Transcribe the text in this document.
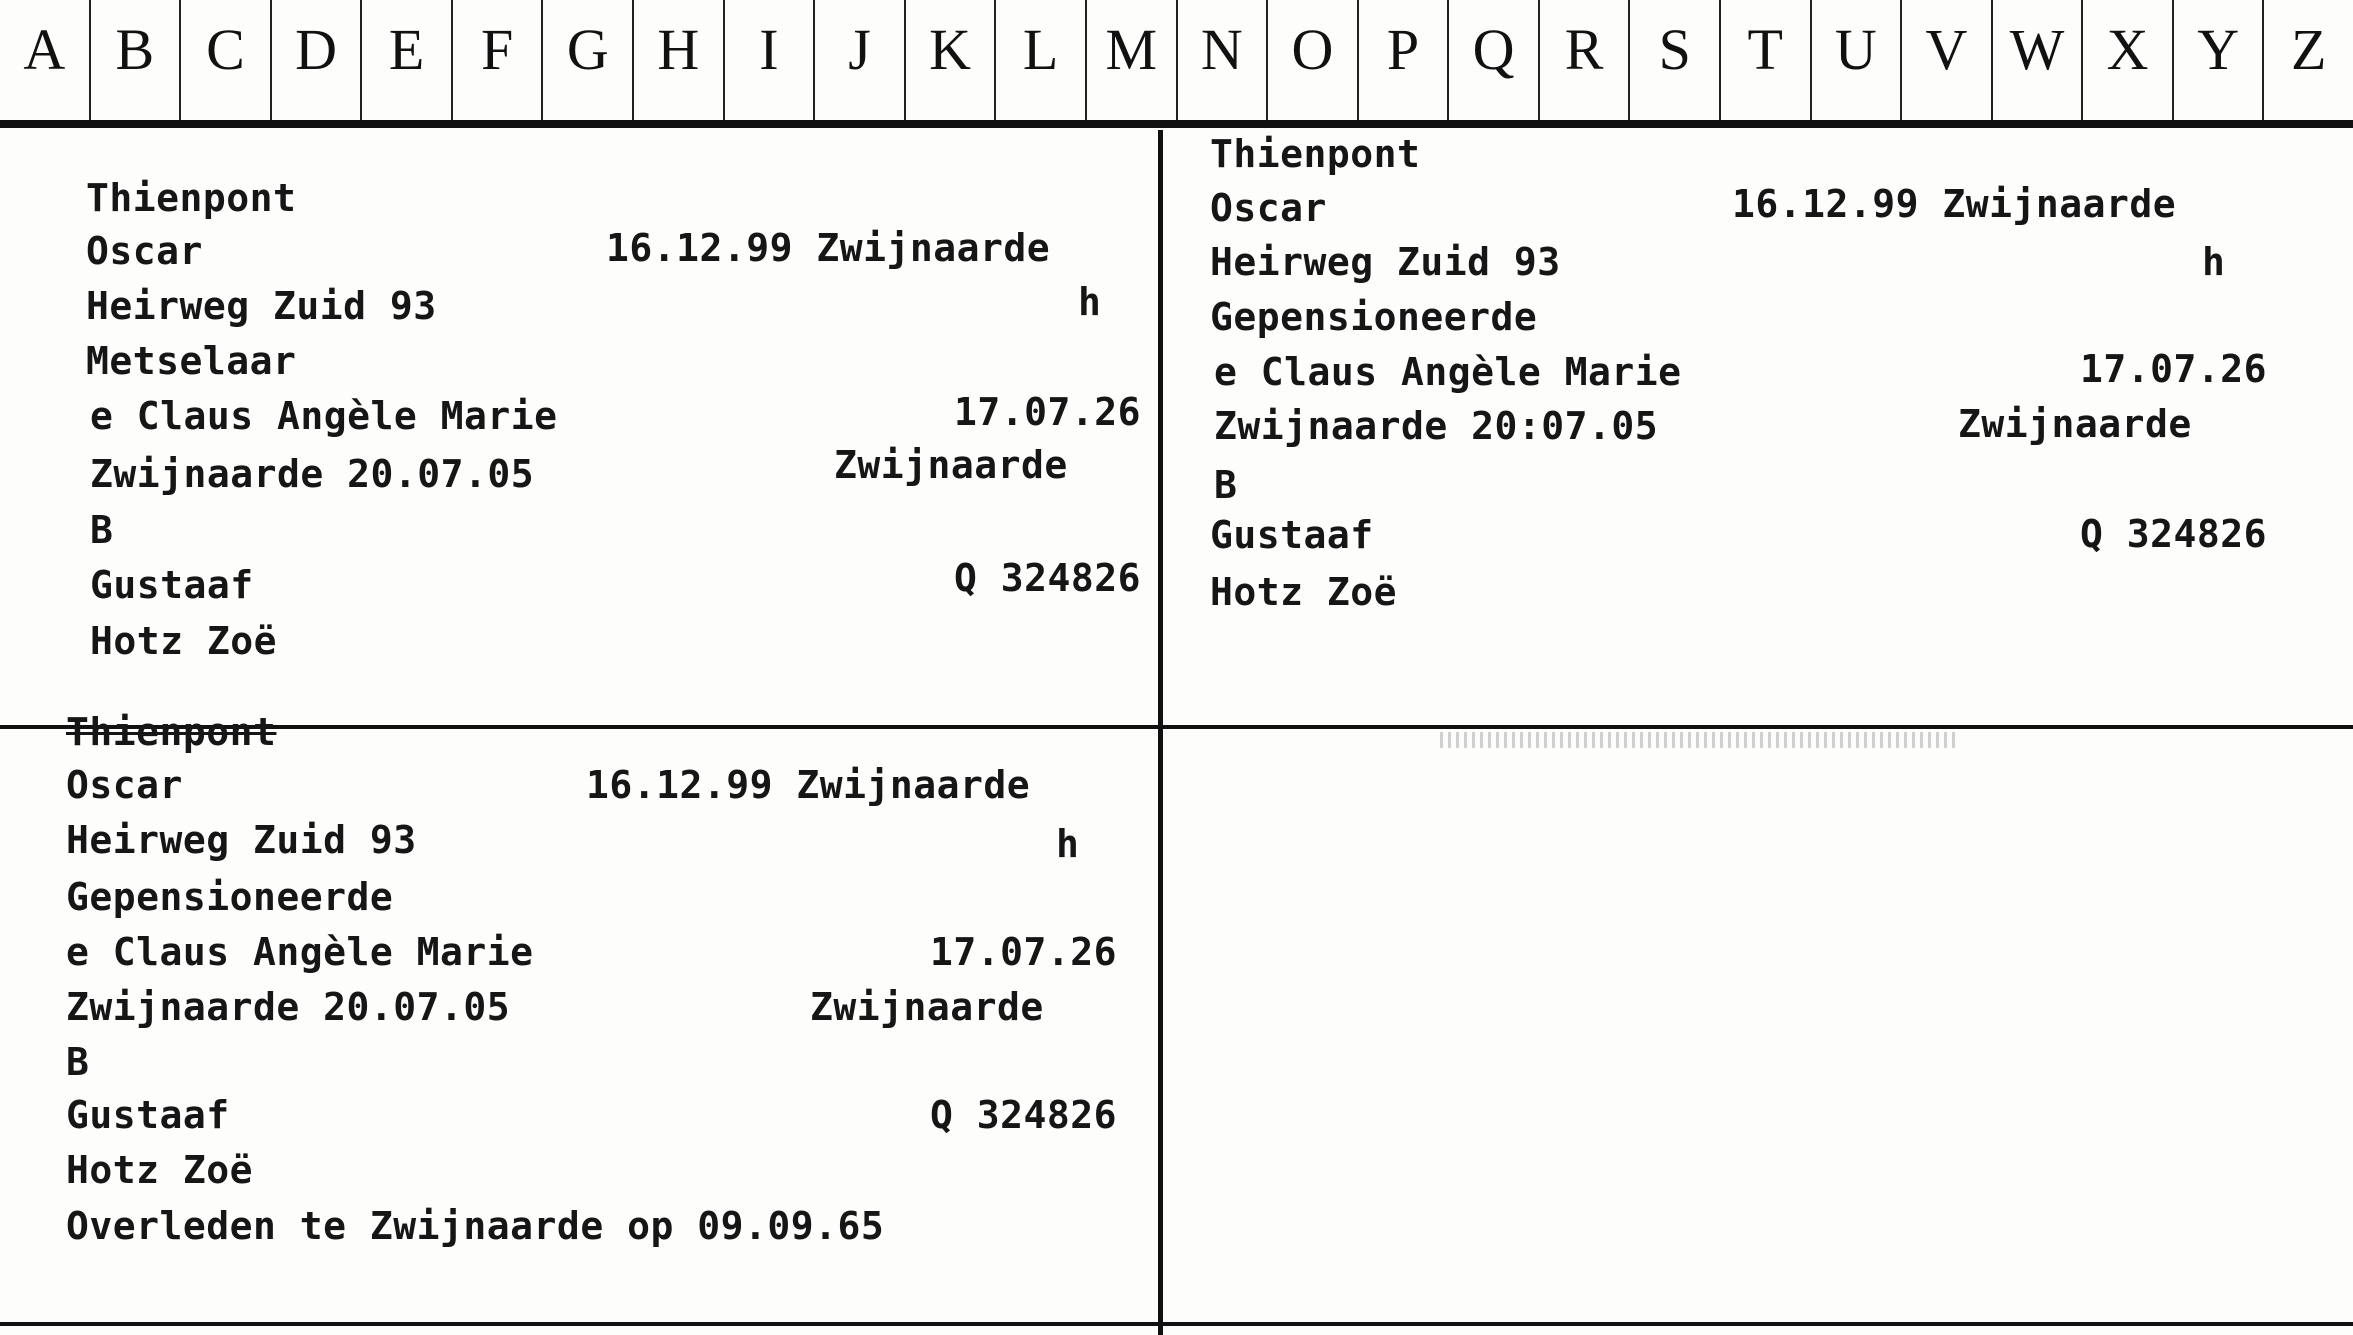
A B C D E F G H	I	J	K L M N O P Q R S T U V W X Y Z
Thienpont
Oscar	16.12.99 Zwijnaarde
Heirweg Zuid 93	h
Metselaar
e Claus Angèle Marie	17.07.26
Zwijnaarde 20.07.05	Zwijnaarde
B
Gustaaf	Q 324826
Hotz Zoë
Thienpont
Oscar	16.12.99 Zwijnaarde
Heirweg Zuid 93	h
Gepensioneerde
e Claus Angèle Marie	17.07.26
Zwijnaarde 20:07.05	Zwijnaarde
B
Gustaaf	Q 324826
Hotz Zoë
Thienpont
Oscar	16.12.99 Zwijnaarde
Heirweg Zuid 93	h
Gepensioneerde
e Claus Angèle Marie	17.07.26
Zwijnaarde 20.07.05	Zwijnaarde
B
Gustaaf	Q 324826
Hotz Zoë
Overleden te Zwijnaarde op 09.09.65
